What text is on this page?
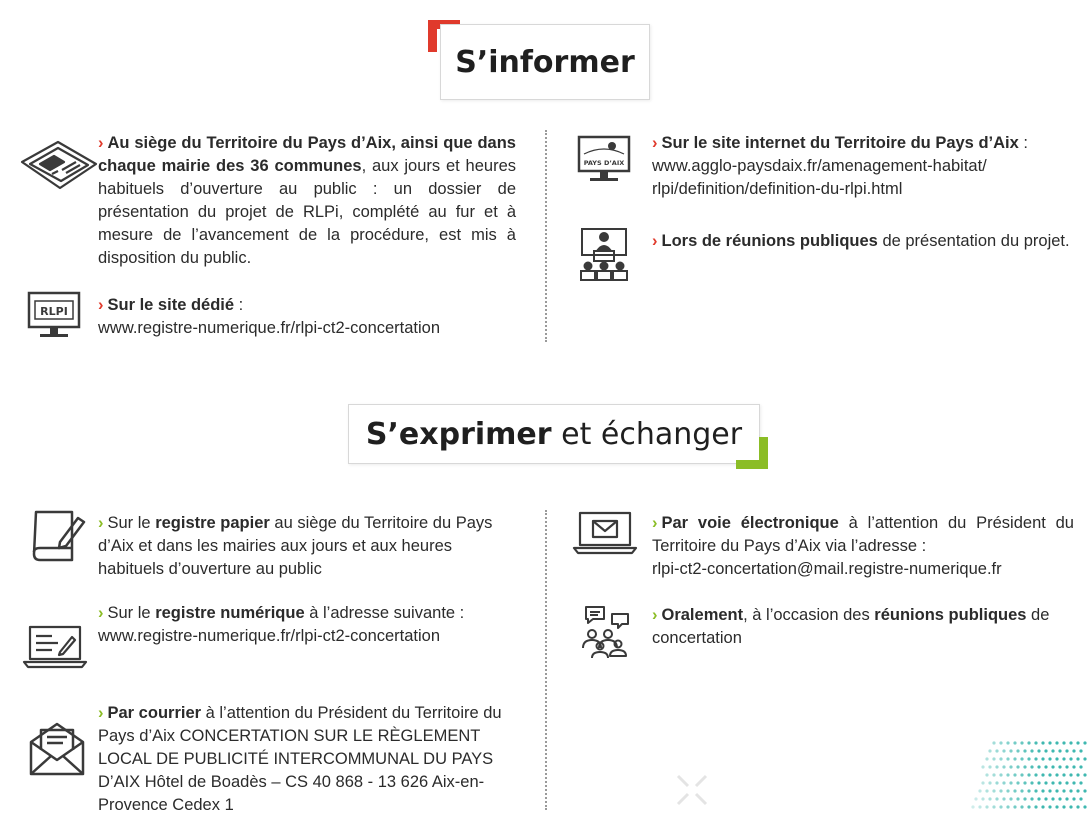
S’informer
› Au siège du Territoire du Pays d’Aix, ainsi que dans chaque mairie des 36 communes, aux jours et heures habituels d’ouverture au public : un dossier de présentation du projet de RLPi, complété au fur et à mesure de l’avancement de la procédure, est mis à disposition du public.
RLPI › Sur le site dédié :
www.registre-numerique.fr/rlpi-ct2-concertation
PAYS D’AIX
› Sur le site internet du Territoire du Pays d’Aix :
www.agglo-paysdaix.fr/amenagement-habitat/
rlpi/definition/definition-du-rlpi.html
› Lors de réunions publiques de présentation du projet.
S’exprimer et échanger
› Sur le registre papier au siège du Territoire du Pays d’Aix et dans les mairies aux jours et aux heures habituels d’ouverture au public
› Sur le registre numérique à l’adresse suivante :
www.registre-numerique.fr/rlpi-ct2-concertation
› Par courrier à l’attention du Président du Territoire du Pays d’Aix CONCERTATION SUR LE RÈGLEMENT LOCAL DE PUBLICITÉ INTERCOMMUNAL DU PAYS D’AIX Hôtel de Boadès – CS 40 868 - 13 626 Aix-en-Provence Cedex 1
› Par voie électronique à l’attention du Président du Territoire du Pays d’Aix via l’adresse :
rlpi-ct2-concertation@mail.registre-numerique.fr
› Oralement, à l’occasion des réunions publiques de concertation
